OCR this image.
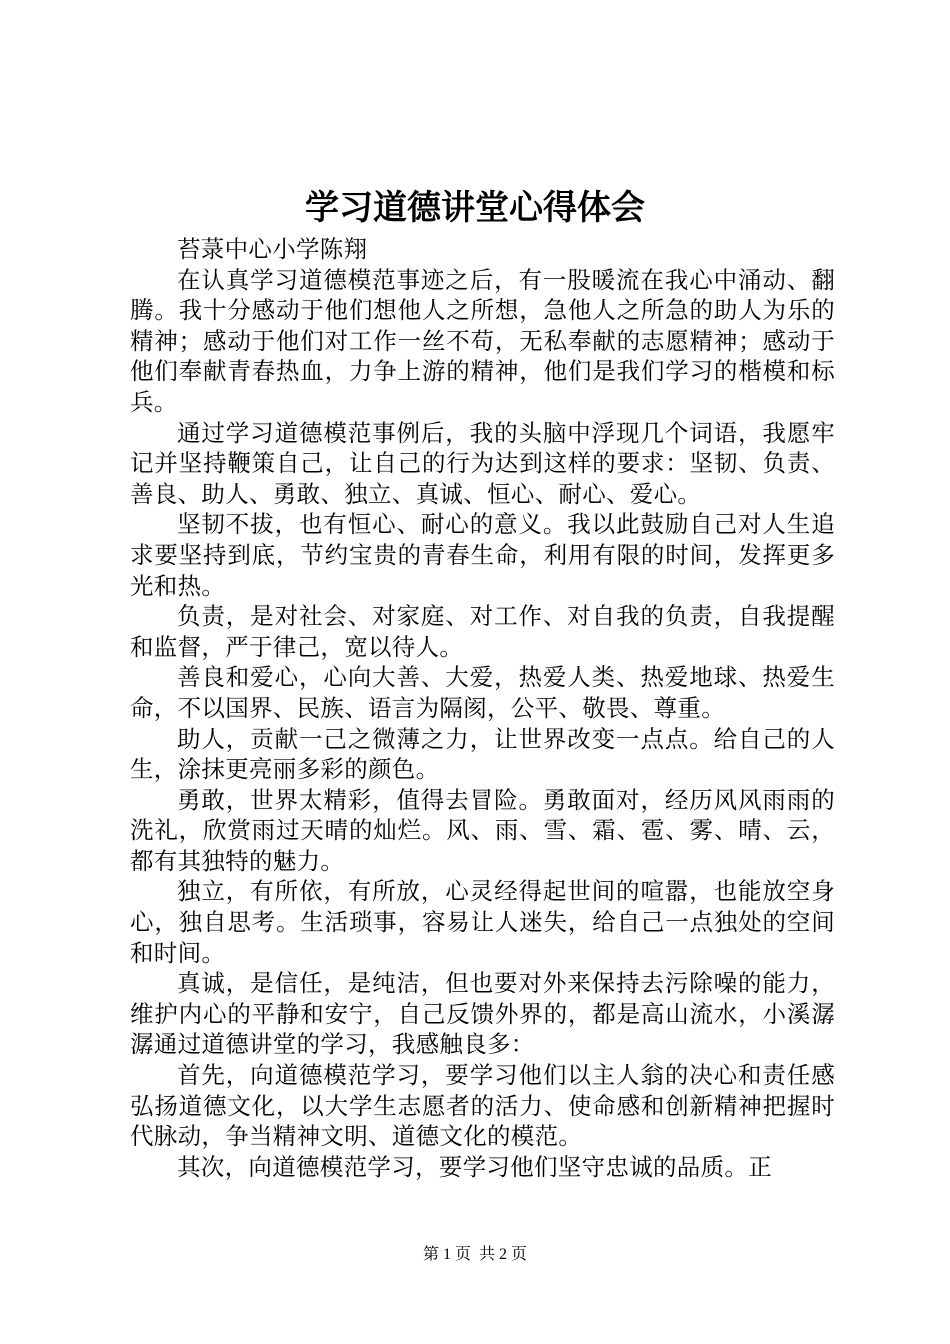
学习道德讲堂心得体会

苔菉中心小学陈翔

在认真学习道德模范事迹之后，有一股暖流在我心中涌动、翻腾。我十分感动于他们想他人之所想，急他人之所急的助人为乐的精神；感动于他们对工作一丝不苟，无私奉献的志愿精神；感动于他们奉献青春热血，力争上游的精神，他们是我们学习的楷模和标兵。

通过学习道德模范事例后，我的头脑中浮现几个词语，我愿牢记并坚持鞭策自己，让自己的行为达到这样的要求：坚韧、负责、善良、助人、勇敢、独立、真诚、恒心、耐心、爱心。

坚韧不拔，也有恒心、耐心的意义。我以此鼓励自己对人生追求要坚持到底，节约宝贵的青春生命，利用有限的时间，发挥更多光和热。

负责，是对社会、对家庭、对工作、对自我的负责，自我提醒和监督，严于律己，宽以待人。

善良和爱心，心向大善、大爱，热爱人类、热爱地球、热爱生命，不以国界、民族、语言为隔阂，公平、敬畏、尊重。

助人，贡献一己之微薄之力，让世界改变一点点。给自己的人生，涂抹更亮丽多彩的颜色。

勇敢，世界太精彩，值得去冒险。勇敢面对，经历风风雨雨的洗礼，欣赏雨过天晴的灿烂。风、雨、雪、霜、雹、雾、晴、云，都有其独特的魅力。

独立，有所依，有所放，心灵经得起世间的喧嚣，也能放空身心，独自思考。生活琐事，容易让人迷失，给自己一点独处的空间和时间。

真诚，是信任，是纯洁，但也要对外来保持去污除噪的能力，维护内心的平静和安宁，自己反馈外界的，都是高山流水，小溪潺潺通过道德讲堂的学习，我感触良多：

首先，向道德模范学习，要学习他们以主人翁的决心和责任感弘扬道德文化，以大学生志愿者的活力、使命感和创新精神把握时代脉动，争当精神文明、道德文化的模范。

其次，向道德模范学习，要学习他们坚守忠诚的品质。正

第 1 页  共 2 页
